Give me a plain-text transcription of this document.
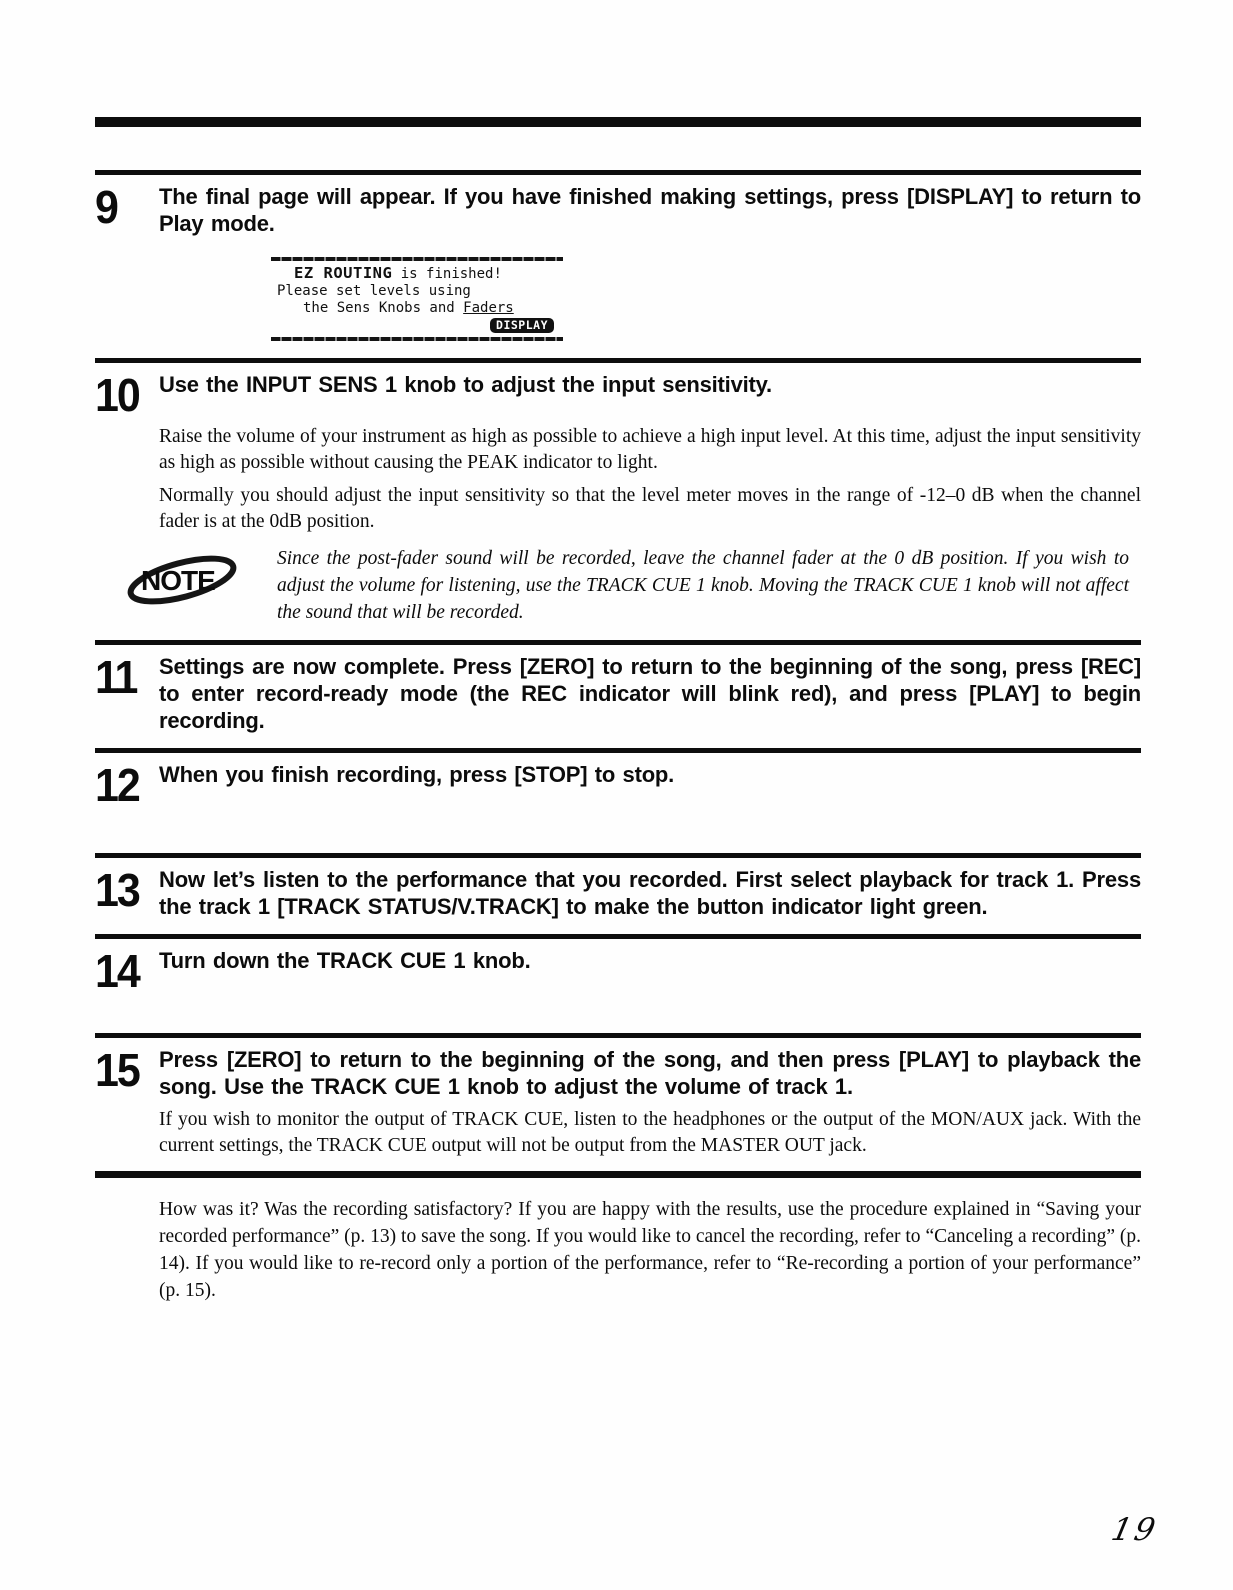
9	The final page will appear. If you have finished making settings, press [DISPLAY] to return to Play mode.
EZ ROUTING is finished!
Please set levels using
the Sens Knobs and Faders
DISPLAY
10 Use the INPUT SENS 1 knob to adjust the input sensitivity.

Raise the volume of your instrument as high as possible to achieve a high input level. At this time, adjust the input sensitivity as high as possible without causing the PEAK indicator to light.

Normally you should adjust the input sensitivity so that the level meter moves in the range of -12–0 dB when the channel fader is at the 0dB position.

NOTE

Since the post-fader sound will be recorded, leave the channel fader at the 0 dB position. If you wish to adjust the volume for listening, use the TRACK CUE 1 knob. Moving the TRACK CUE 1 knob will not affect the sound that will be recorded.

11	Settings are now complete. Press [ZERO] to return to the beginning of the song, press [REC] to enter record-ready mode (the REC indicator will blink red), and press [PLAY] to begin recording.
12 When you finish recording, press [STOP] to stop.
13 Now let’s listen to the performance that you recorded. First select playback for track 1. Press the track 1 [TRACK STATUS/V.TRACK] to make the button indicator light green.
14 Turn down the TRACK CUE 1 knob.
15 Press [ZERO] to return to the beginning of the song, and then press [PLAY] to playback the song. Use the TRACK CUE 1 knob to adjust the volume of track 1.

If you wish to monitor the output of TRACK CUE, listen to the headphones or the output of the MON/AUX jack. With the current settings, the TRACK CUE output will not be output from the MASTER OUT jack.

How was it? Was the recording satisfactory? If you are happy with the results, use the procedure explained in “Saving your recorded performance” (p. 13) to save the song. If you would like to cancel the recording, refer to “Canceling a recording” (p. 14). If you would like to re-record only a portion of the performance, refer to “Re-recording a portion of your performance” (p. 15).

19
